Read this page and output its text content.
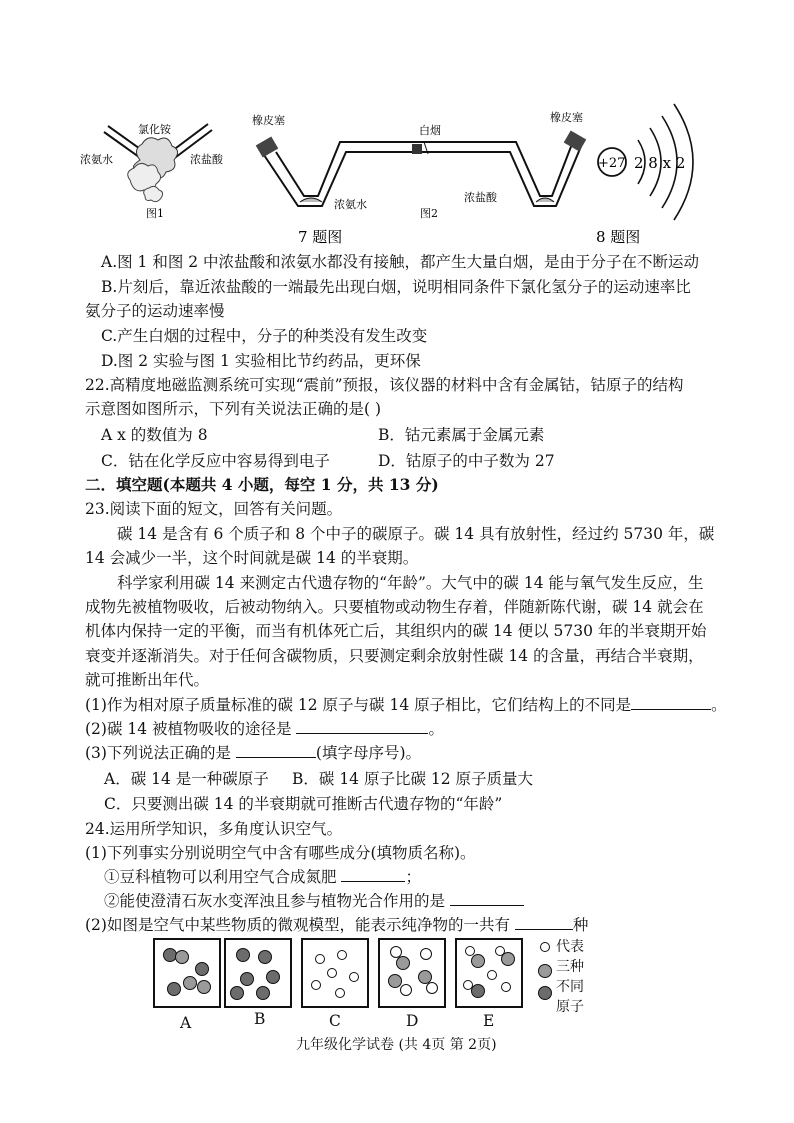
氯化铵
浓氨水	浓盐酸
图1
橡皮塞	橡皮塞
白烟
浓氨水
浓盐酸
图2
7 题图
+27 2 8 x 2
8 题图
A.图 1 和图 2 中浓盐酸和浓氨水都没有接触，都产生大量白烟，是由于分子在不断运动
B.片刻后，靠近浓盐酸的一端最先出现白烟，说明相同条件下氯化氢分子的运动速率比
氨分子的运动速率慢
C.产生白烟的过程中，分子的种类没有发生改变
D.图 2 实验与图 1 实验相比节约药品，更环保
22.高精度地磁监测系统可实现“震前”预报，该仪器的材料中含有金属钴，钴原子的结构
示意图如图所示，下列有关说法正确的是( )
A x 的数值为 8	B．钴元素属于金属元素
C．钴在化学反应中容易得到电子	D．钴原子的中子数为 27
二．填空题(本题共 4 小题，每空 1 分，共 13 分)
23.阅读下面的短文，回答有关问题。
碳 14 是含有 6 个质子和 8 个中子的碳原子。碳 14 具有放射性，经过约 5730 年，碳
14 会减少一半，这个时间就是碳 14 的半衰期。
科学家利用碳 14 来测定古代遗存物的“年龄”。大气中的碳 14 能与氧气发生反应，生
成物先被植物吸收，后被动物纳入。只要植物或动物生存着，伴随新陈代谢，碳 14 就会在
机体内保持一定的平衡，而当有机体死亡后，其组织内的碳 14 便以 5730 年的半衰期开始
衰变并逐渐消失。对于任何含碳物质，只要测定剩余放射性碳 14 的含量，再结合半衰期，
就可推断出年代。
(1)作为相对原子质量标准的碳 12 原子与碳 14 原子相比，它们结构上的不同是	。
(2)碳 14 被植物吸收的途径是	。
(3)下列说法正确的是	(填字母序号)。
A．碳 14 是一种碳原子 B．碳 14 原子比碳 12 原子质量大
C．只要测出碳 14 的半衰期就可推断古代遗存物的“年龄”
24.运用所学知识，多角度认识空气。
(1)下列事实分别说明空气中含有哪些成分(填物质名称)。
①豆科植物可以利用空气合成氮肥	；
②能使澄清石灰水变浑浊且参与植物光合作用的是
(2)如图是空气中某些物质的微观模型，能表示纯净物的一共有	种
A	B	C	D	E
代表
三种
不同
原子
九年级化学试卷 (共 4页 第 2页)
